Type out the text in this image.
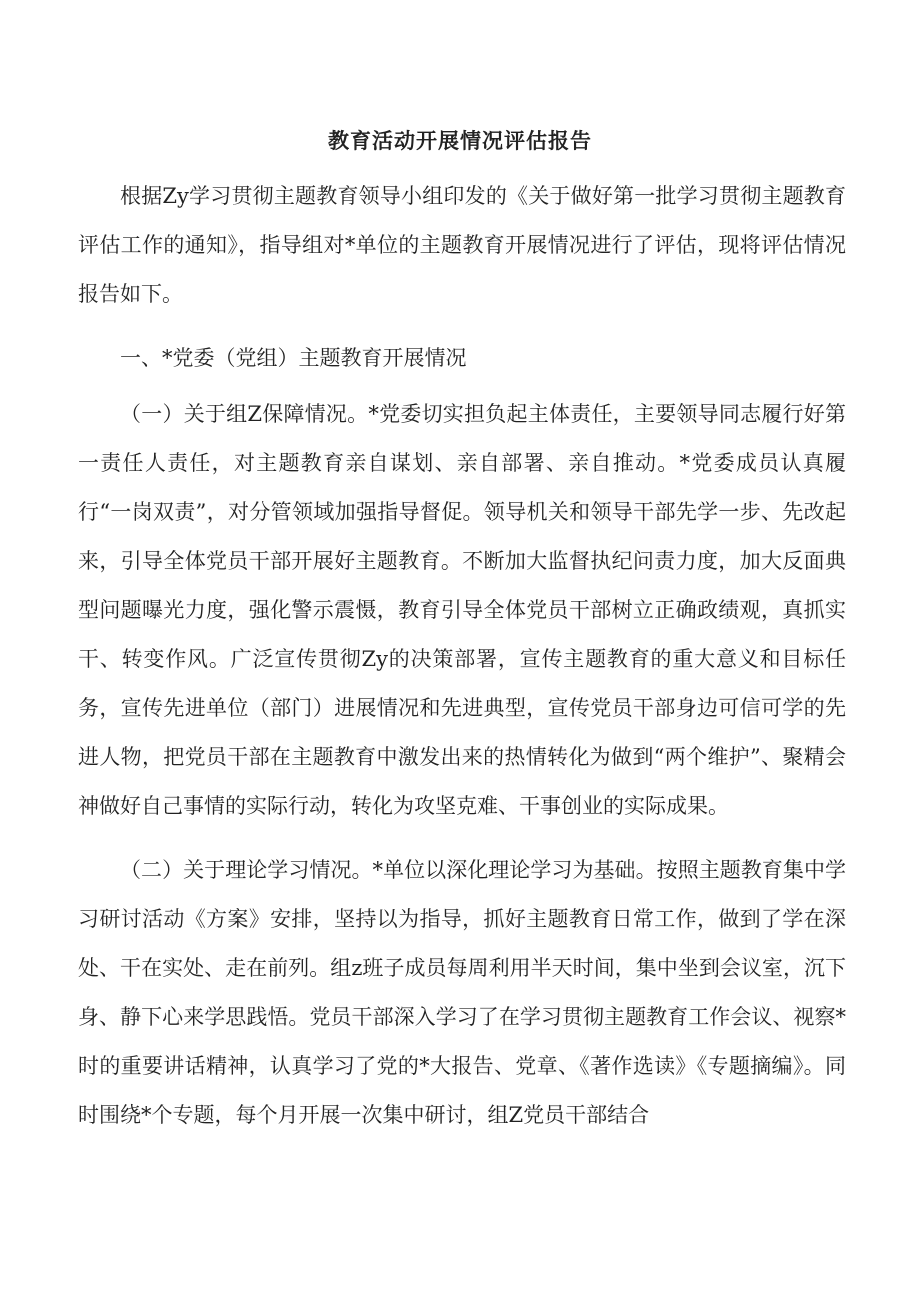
教育活动开展情况评估报告

根据Zy学习贯彻主题教育领导小组印发的《关于做好第一批学习贯彻主题教育评估工作的通知》，指导组对*单位的主题教育开展情况进行了评估，现将评估情况报告如下。

一、*党委（党组）主题教育开展情况

（一）关于组Z保障情况。*党委切实担负起主体责任，主要领导同志履行好第一责任人责任，对主题教育亲自谋划、亲自部署、亲自推动。*党委成员认真履行“一岗双责”，对分管领域加强指导督促。领导机关和领导干部先学一步、先改起来，引导全体党员干部开展好主题教育。不断加大监督执纪问责力度，加大反面典型问题曝光力度，强化警示震慑，教育引导全体党员干部树立正确政绩观，真抓实干、转变作风。广泛宣传贯彻Zy的决策部署，宣传主题教育的重大意义和目标任务，宣传先进单位（部门）进展情况和先进典型，宣传党员干部身边可信可学的先进人物，把党员干部在主题教育中激发出来的热情转化为做到“两个维护”、聚精会神做好自己事情的实际行动，转化为攻坚克难、干事创业的实际成果。

（二）关于理论学习情况。*单位以深化理论学习为基础。按照主题教育集中学习研讨活动《方案》安排，坚持以为指导，抓好主题教育日常工作，做到了学在深处、干在实处、走在前列。组z班子成员每周利用半天时间，集中坐到会议室，沉下身、静下心来学思践悟。党员干部深入学习了在学习贯彻主题教育工作会议、视察*时的重要讲话精神，认真学习了党的*大报告、党章、《著作选读》《专题摘编》。同时围绕*个专题，每个月开展一次集中研讨，组Z党员干部结合
